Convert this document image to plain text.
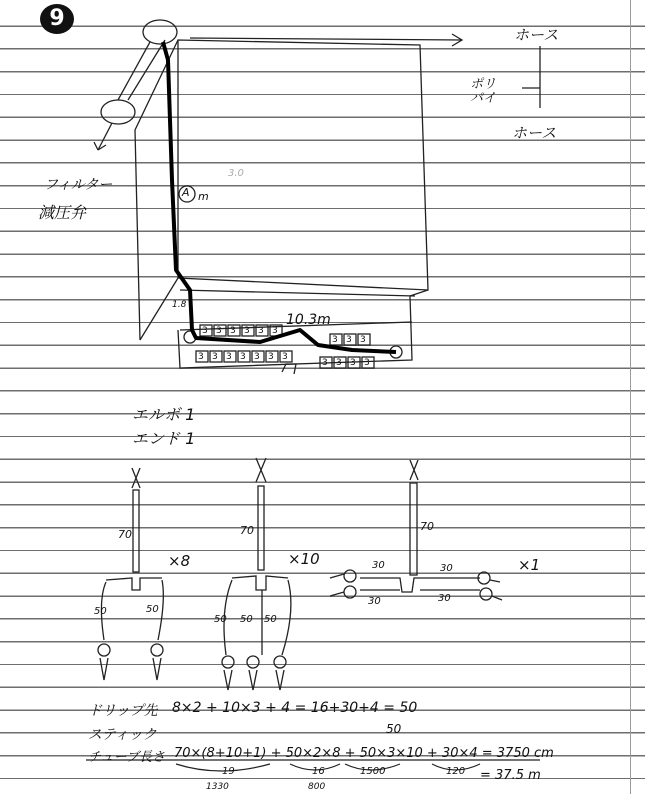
9
ホース
ポリパイ
ホース
フィルター
減圧弁
A m
3.0
10.3m
1.8
3 3 3 3 3 3
3 3 3
3 3 3 3 3 3 3
3 3 3 3
エルボ 1
エンド 1
70
×8
50	50
70
×10
50 50 50
70
×1
30	30
30	30
ドリップ先 8×2 + 10×3 + 4 = 16+30+4 = 50
50
スティック
チューブ長さ 70×(8+10+1) + 50×2×8 + 50×3×10 + 30×4 = 3750 cm
19	16	1500	120 = 37.5 m
1330	800
